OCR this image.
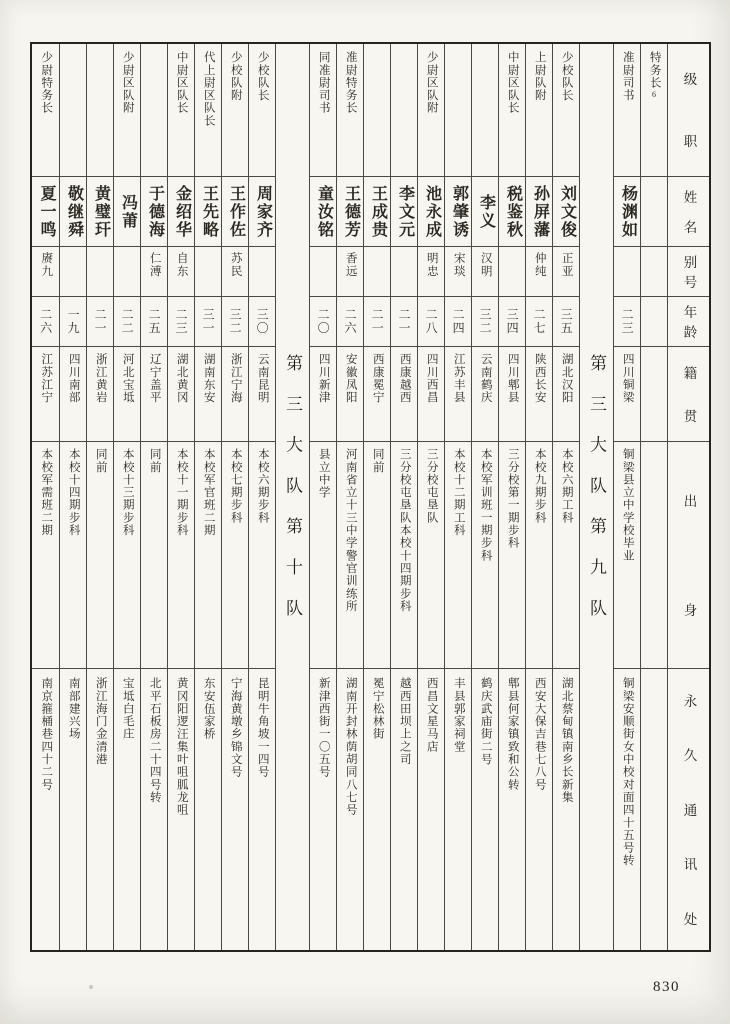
级
职
姓
名
别
号
年
龄
籍
贯
出
身
永
久
通
讯
处
特务长
6
准尉司书
杨渊如
二三
四川铜梁
铜梁县立中学校毕业
铜梁安顺街女中校对面四十五号转
第三大队第九队
少校队长
刘文俊
正亚
三五
湖北汉阳
本校六期工科
湖北蔡甸镇南乡长新集
上尉队附
孙屏藩
仲纯
二七
陕西长安
本校九期步科
西安大保吉巷七八号
中尉区队长
税鉴秋
三四
四川郫县
三分校第一期步科
郫县何家镇致和公转
李义
汉明
三二
云南鹤庆
本校军训班一期步科
鹤庆武庙街二号
郭肇诱
宋琰
二四
江苏丰县
本校十二期工科
丰县郭家祠堂
少尉区队附
池永成
明忠
二八
四川西昌
三分校屯垦队
西昌文星马店
李文元
二一
西康越西
三分校屯垦队本校十四期步科
越西田坝上之司
王成贵
二一
西康冕宁
同前
冕宁松林街
准尉特务长
王德芳
香远
二六
安徽凤阳
河南省立十三中学警官训练所
湖南开封林荫胡同八七号
同准尉司书
童汝铭
二〇
四川新津
县立中学
新津西街一〇五号
第三大队第十队
少校队长
周家齐
三〇
云南昆明
本校六期步科
昆明牛角坡一四号
少校队附
王作佐
苏民
三二
浙江宁海
本校七期步科
宁海黄墩乡锦文号
代上尉区队长
王先略
三一
湖南东安
本校军官班二期
东安伍家桥
中尉区队长
金绍华
自东
二三
湖北黄冈
本校十一期步科
黄冈阳逻汪集叶咀胍龙咀
于德海
仁溥
二五
辽宁盖平
同前
北平石板房二十四号转
少尉区队附
冯莆
二二
河北宝坻
本校十三期步科
宝坻白毛庄
黄璧玕
二一
浙江黄岩
同前
浙江海门金清港
敬继舜
一九
四川南部
本校十四期步科
南部建兴场
少尉特务长
夏一鸣
赓九
二六
江苏江宁
本校军需班二期
南京箍桶巷四十二号
830
